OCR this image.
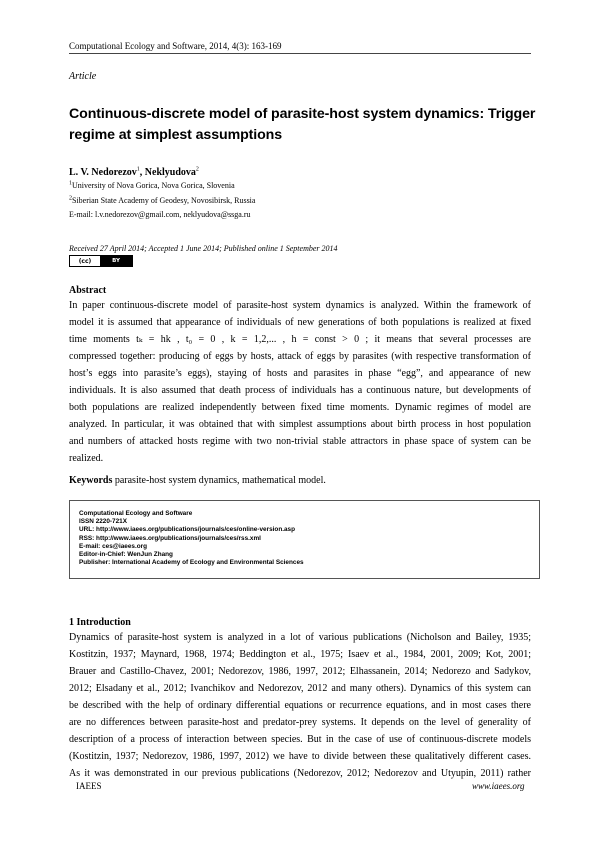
Computational Ecology and Software, 2014, 4(3): 163-169
Article
Continuous-discrete model of parasite-host system dynamics: Trigger
regime at simplest assumptions
L. V. Nedorezov$^1$, Neklyudova$^2$
$^1$University of Nova Gorica, Nova Gorica, Slovenia
$^2$Siberian State Academy of Geodesy, Novosibirsk, Russia
E-mail: l.v.nedorezov@gmail.com, neklyudova@ssga.ru
Received 27 April 2014; Accepted 1 June 2014; Published online 1 September 2014
(cc)	BY
Abstract
In paper continuous-discrete model of parasite-host system dynamics is analyzed. Within the framework of
model it is assumed that appearance of individuals of new generations of both populations is realized at fixed
time moments tₖ = hk , t₀ = 0 , k = 1,2,... , h = const > 0 ; it means that several processes are
compressed together: producing of eggs by hosts, attack of eggs by parasites (with respective transformation of
host’s eggs into parasite’s eggs), staying of hosts and parasites in phase “egg”, and appearance of new
individuals. It is also assumed that death process of individuals has a continuous nature, but developments of
both populations are realized independently between fixed time moments. Dynamic regimes of model are
analyzed. In particular, it was obtained that with simplest assumptions about birth process in host population
and numbers of attacked hosts regime with two non-trivial stable attractors in phase space of system can be
realized.
Keywords parasite-host system dynamics, mathematical model.
Computational Ecology and Software
ISSN 2220-721X
URL: http://www.iaees.org/publications/journals/ces/online-version.asp
RSS: http://www.iaees.org/publications/journals/ces/rss.xml
E-mail: ces@iaees.org
Editor-in-Chief: WenJun Zhang
Publisher: International Academy of Ecology and Environmental Sciences
1 Introduction
Dynamics of parasite-host system is analyzed in a lot of various publications (Nicholson and Bailey, 1935;
Kostitzin, 1937; Maynard, 1968, 1974; Beddington et al., 1975; Isaev et al., 1984, 2001, 2009; Kot, 2001;
Brauer and Castillo-Chavez, 2001; Nedorezov, 1986, 1997, 2012; Elhassanein, 2014; Nedorezo and Sadykov,
2012; Elsadany et al., 2012; Ivanchikov and Nedorezov, 2012 and many others). Dynamics of this system can
be described with the help of ordinary differential equations or recurrence equations, and in most cases there
are no differences between parasite-host and predator-prey systems. It depends on the level of generality of
description of a process of interaction between species. But in the case of use of continuous-discrete models
(Kostitzin, 1937; Nedorezov, 1986, 1997, 2012) we have to divide between these qualitatively different cases.
As it was demonstrated in our previous publications (Nedorezov, 2012; Nedorezov and Utyupin, 2011) rather
IAEES	www.iaees.org
